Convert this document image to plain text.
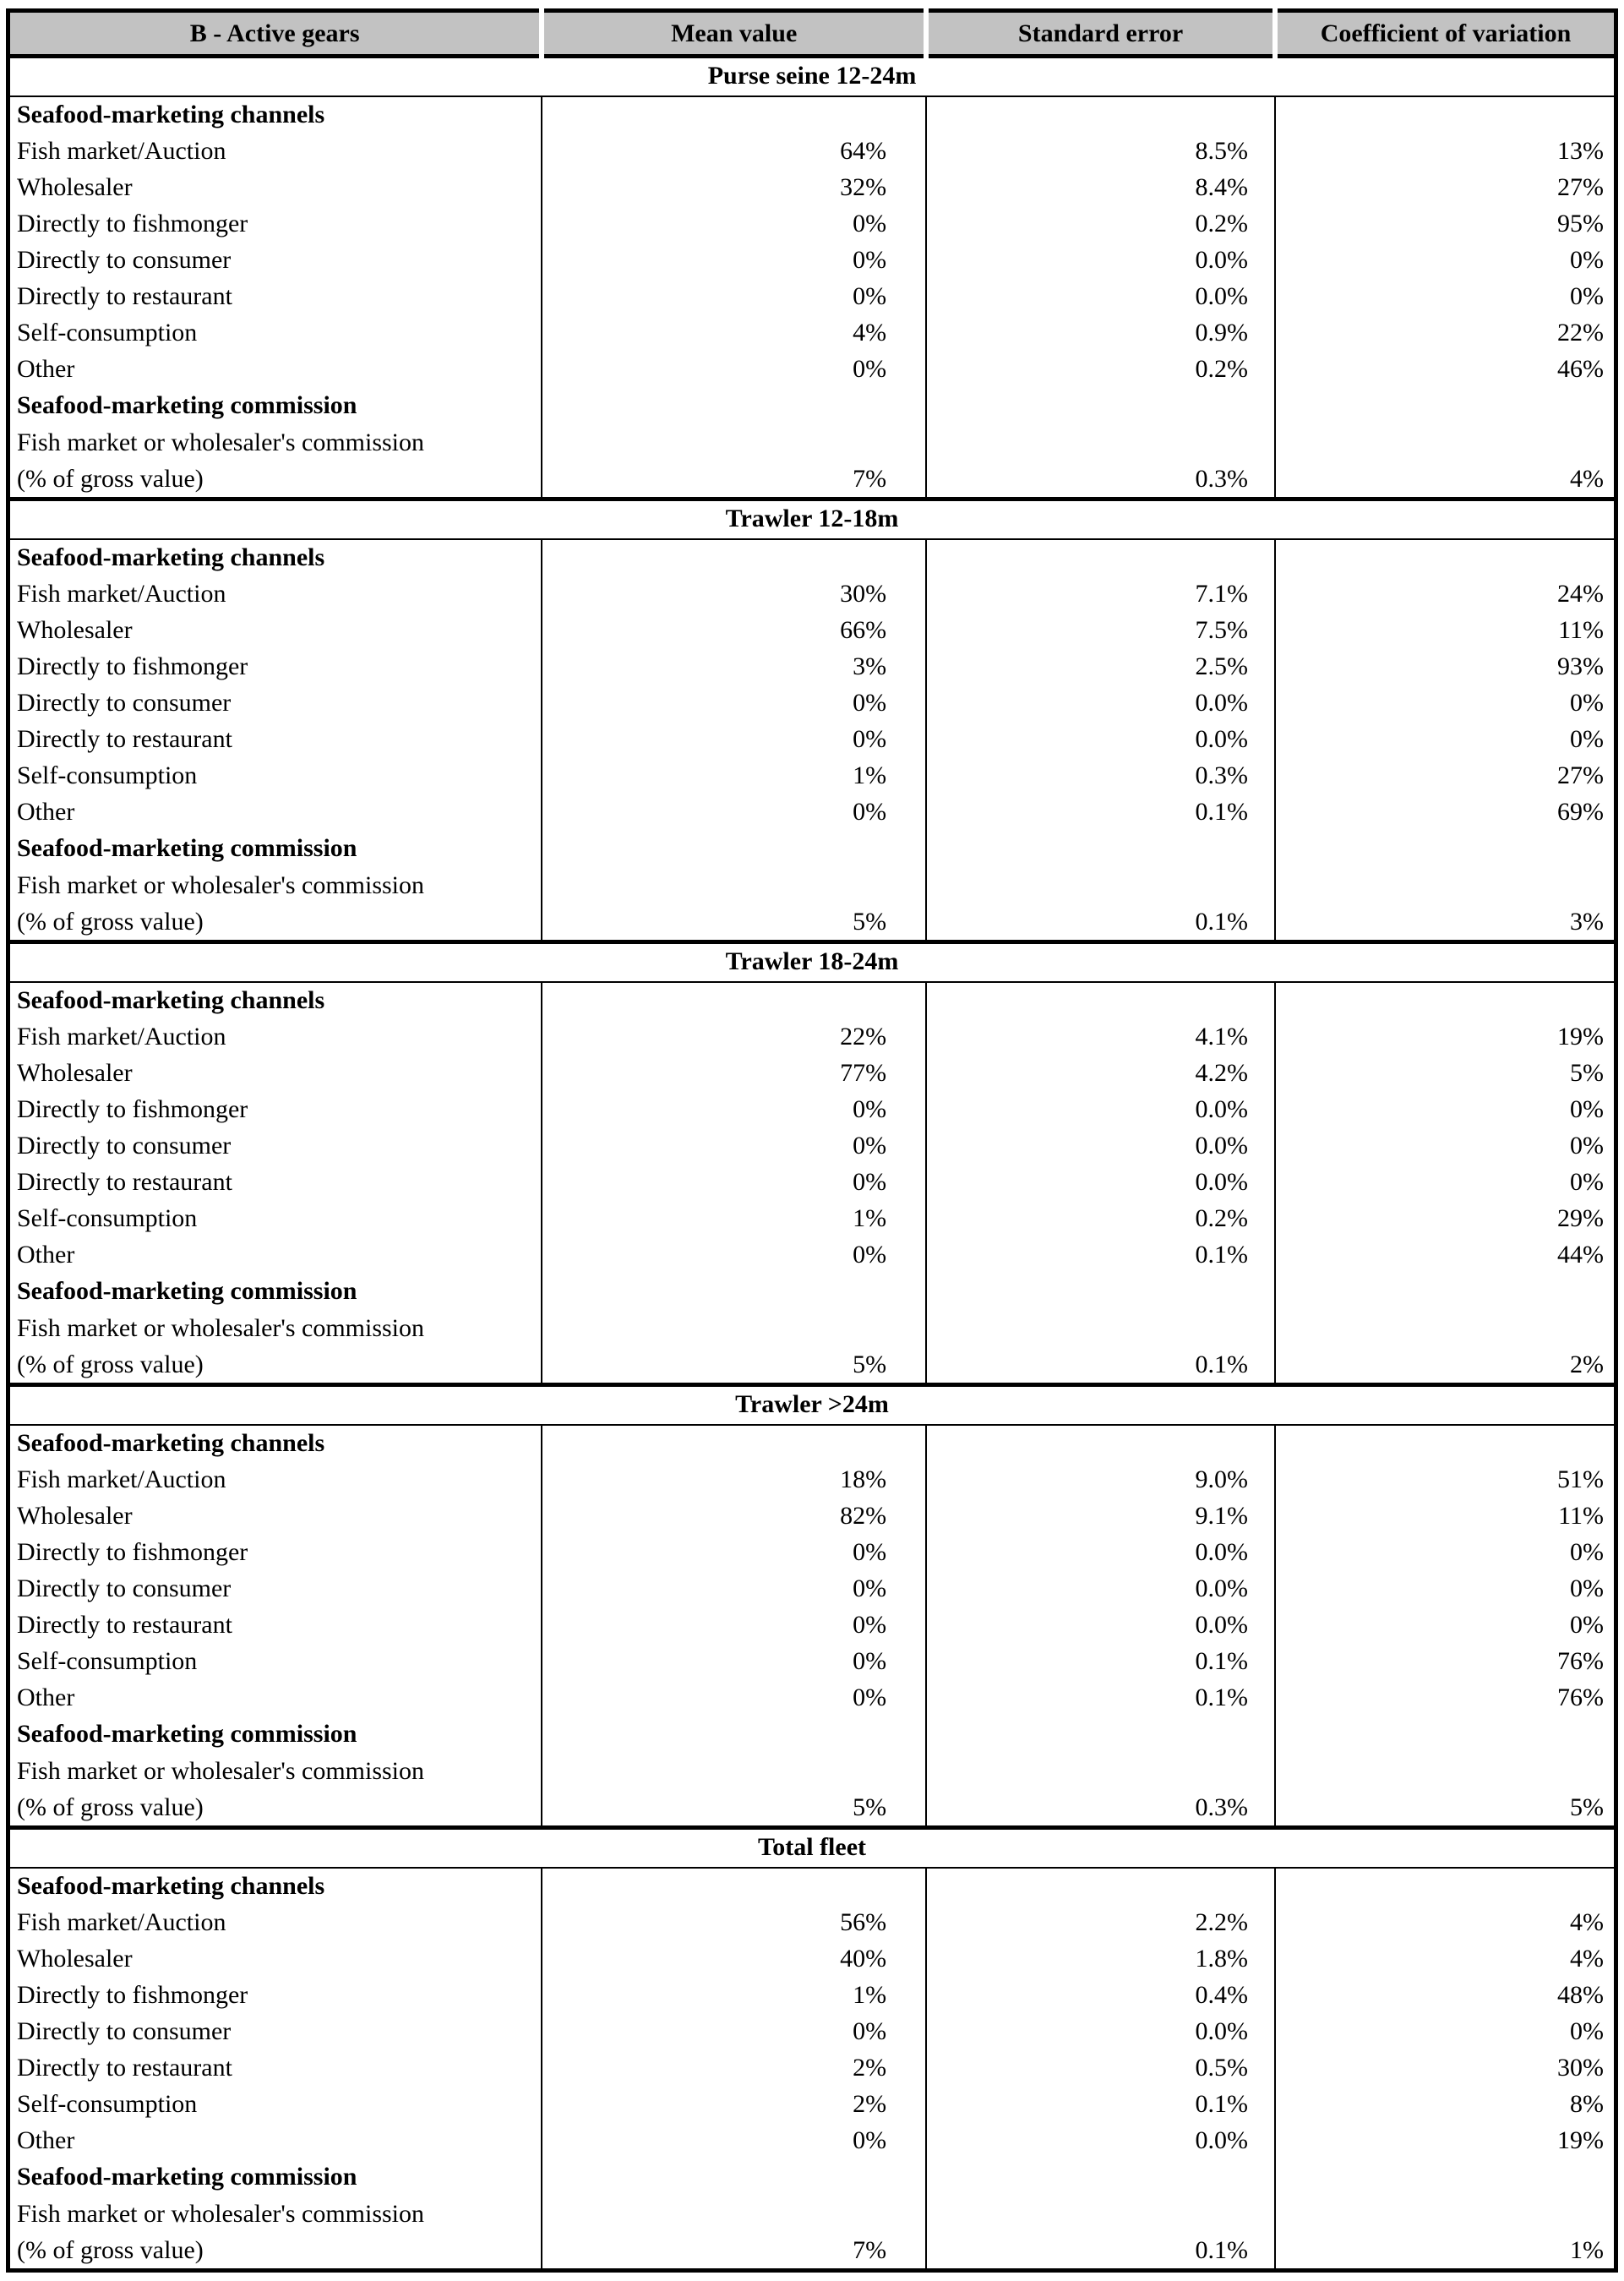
B - Active gears	Mean value	Standard error	Coefficient of variation
Purse seine 12-24m			
Seafood-marketing channels			
Fish market/Auction	64%	8.5%	13%
Wholesaler	32%	8.4%	27%
Directly to fishmonger	0%	0.2%	95%
Directly to consumer	0%	0.0%	0%
Directly to restaurant	0%	0.0%	0%
Self-consumption	4%	0.9%	22%
Other	0%	0.2%	46%
Seafood-marketing commission			

Fish market or wholesaler's commission
(% of gross value)	7%	0.3%	4%
Trawler 12-18m			
Seafood-marketing channels			
Fish market/Auction	30%	7.1%	24%
Wholesaler	66%	7.5%	11%
Directly to fishmonger	3%	2.5%	93%
Directly to consumer	0%	0.0%	0%
Directly to restaurant	0%	0.0%	0%
Self-consumption	1%	0.3%	27%
Other	0%	0.1%	69%
Seafood-marketing commission			

Fish market or wholesaler's commission
(% of gross value)	5%	0.1%	3%
Trawler 18-24m			
Seafood-marketing channels			
Fish market/Auction	22%	4.1%	19%
Wholesaler	77%	4.2%	5%
Directly to fishmonger	0%	0.0%	0%
Directly to consumer	0%	0.0%	0%
Directly to restaurant	0%	0.0%	0%
Self-consumption	1%	0.2%	29%
Other	0%	0.1%	44%
Seafood-marketing commission			

Fish market or wholesaler's commission
(% of gross value)	5%	0.1%	2%
Trawler >24m			
Seafood-marketing channels			
Fish market/Auction	18%	9.0%	51%
Wholesaler	82%	9.1%	11%
Directly to fishmonger	0%	0.0%	0%
Directly to consumer	0%	0.0%	0%
Directly to restaurant	0%	0.0%	0%
Self-consumption	0%	0.1%	76%
Other	0%	0.1%	76%
Seafood-marketing commission			

Fish market or wholesaler's commission
(% of gross value)	5%	0.3%	5%
Total fleet			
Seafood-marketing channels			
Fish market/Auction	56%	2.2%	4%
Wholesaler	40%	1.8%	4%
Directly to fishmonger	1%	0.4%	48%
Directly to consumer	0%	0.0%	0%
Directly to restaurant	2%	0.5%	30%
Self-consumption	2%	0.1%	8%
Other	0%	0.0%	19%
Seafood-marketing commission			

Fish market or wholesaler's commission
(% of gross value)	7%	0.1%	1%
